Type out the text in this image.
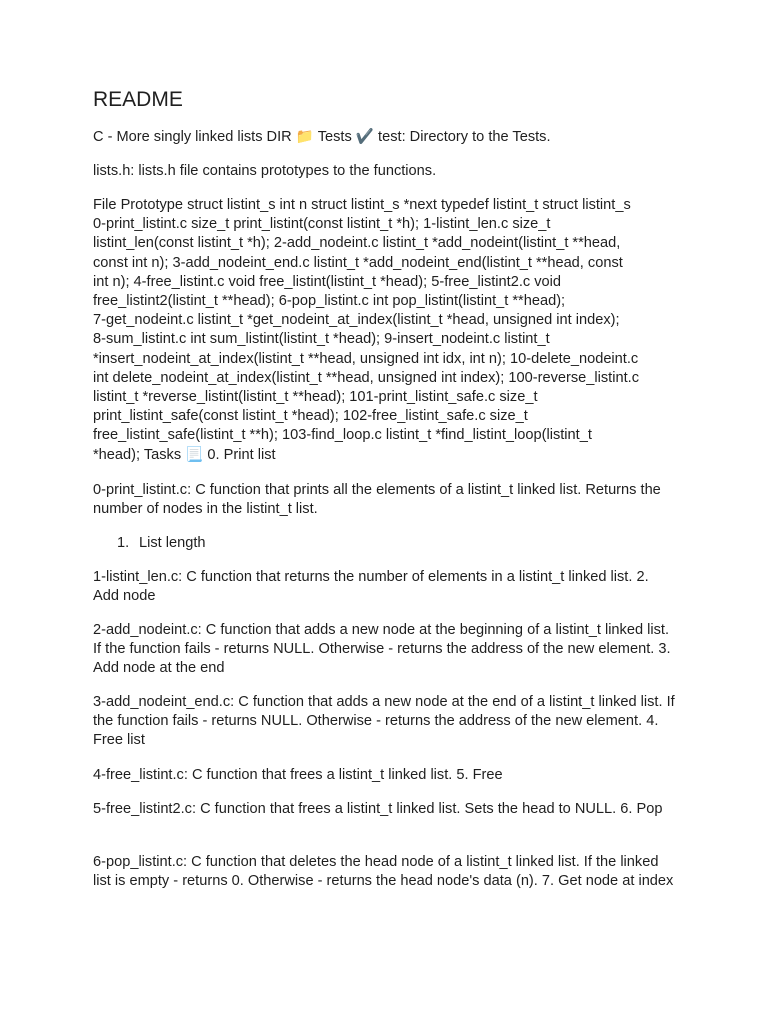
README

C - More singly linked lists DIR 📁 Tests ✔️ test: Directory to the Tests.

lists.h: lists.h file contains prototypes to the functions.

File Prototype struct listint_s int n struct listint_s *next typedef listint_t struct listint_s
0-print_listint.c size_t print_listint(const listint_t *h); 1-listint_len.c size_t
listint_len(const listint_t *h); 2-add_nodeint.c listint_t *add_nodeint(listint_t **head,
const int n); 3-add_nodeint_end.c listint_t *add_nodeint_end(listint_t **head, const
int n); 4-free_listint.c void free_listint(listint_t *head); 5-free_listint2.c void
free_listint2(listint_t **head); 6-pop_listint.c int pop_listint(listint_t **head);
7-get_nodeint.c listint_t *get_nodeint_at_index(listint_t *head, unsigned int index);
8-sum_listint.c int sum_listint(listint_t *head); 9-insert_nodeint.c listint_t
*insert_nodeint_at_index(listint_t **head, unsigned int idx, int n); 10-delete_nodeint.c
int delete_nodeint_at_index(listint_t **head, unsigned int index); 100-reverse_listint.c
listint_t *reverse_listint(listint_t **head); 101-print_listint_safe.c size_t
print_listint_safe(const listint_t *head); 102-free_listint_safe.c size_t
free_listint_safe(listint_t **h); 103-find_loop.c listint_t *find_listint_loop(listint_t
*head); Tasks 📃 0. Print list

0-print_listint.c: C function that prints all the elements of a listint_t linked list. Returns the number of nodes in the listint_t list.

1. List length

1-listint_len.c: C function that returns the number of elements in a listint_t linked list. 2. Add node

2-add_nodeint.c: C function that adds a new node at the beginning of a listint_t linked list. If the function fails - returns NULL. Otherwise - returns the address of the new element. 3. Add node at the end

3-add_nodeint_end.c: C function that adds a new node at the end of a listint_t linked list. If the function fails - returns NULL. Otherwise - returns the address of the new element. 4. Free list

4-free_listint.c: C function that frees a listint_t linked list. 5. Free

5-free_listint2.c: C function that frees a listint_t linked list. Sets the head to NULL. 6. Pop

6-pop_listint.c: C function that deletes the head node of a listint_t linked list. If the linked list is empty - returns 0. Otherwise - returns the head node's data (n). 7. Get node at index
